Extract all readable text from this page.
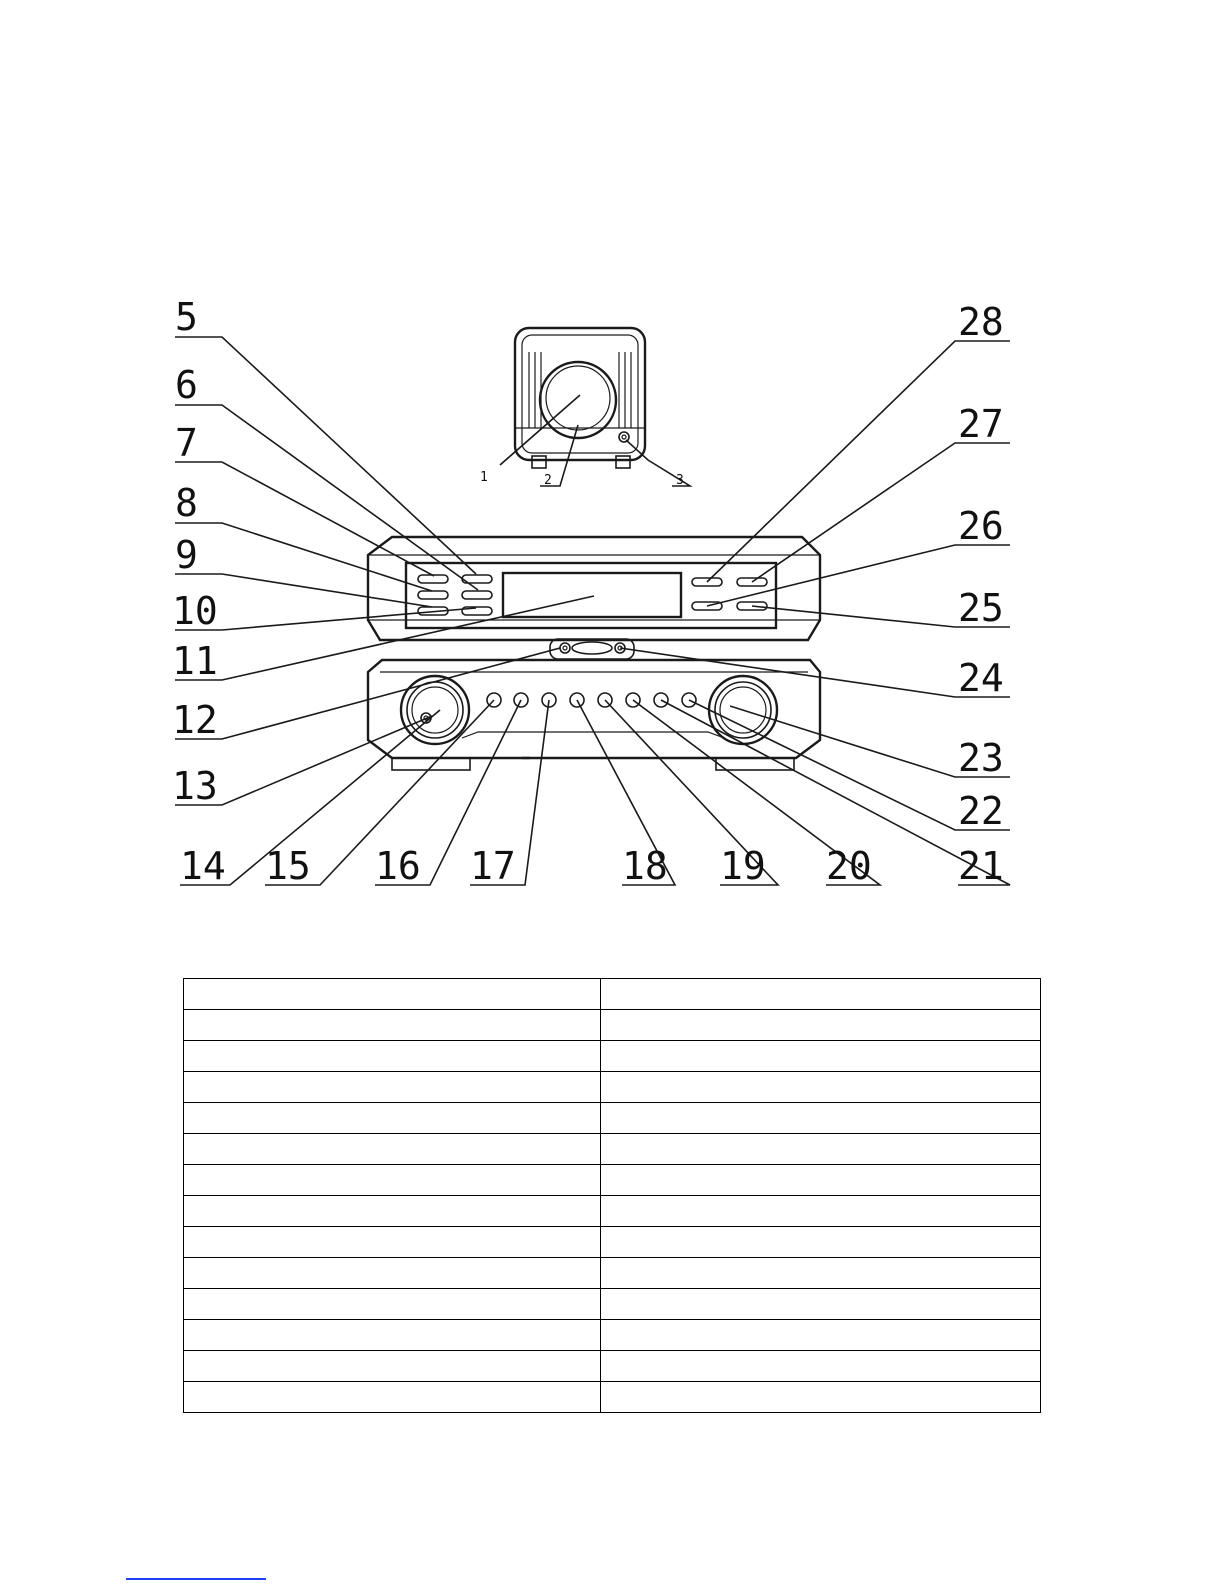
5
6
7
8
9
10
11
12
13
14 15 16 17	18 19 20 21
22
23
24
25
26
27
28
1	2	3
